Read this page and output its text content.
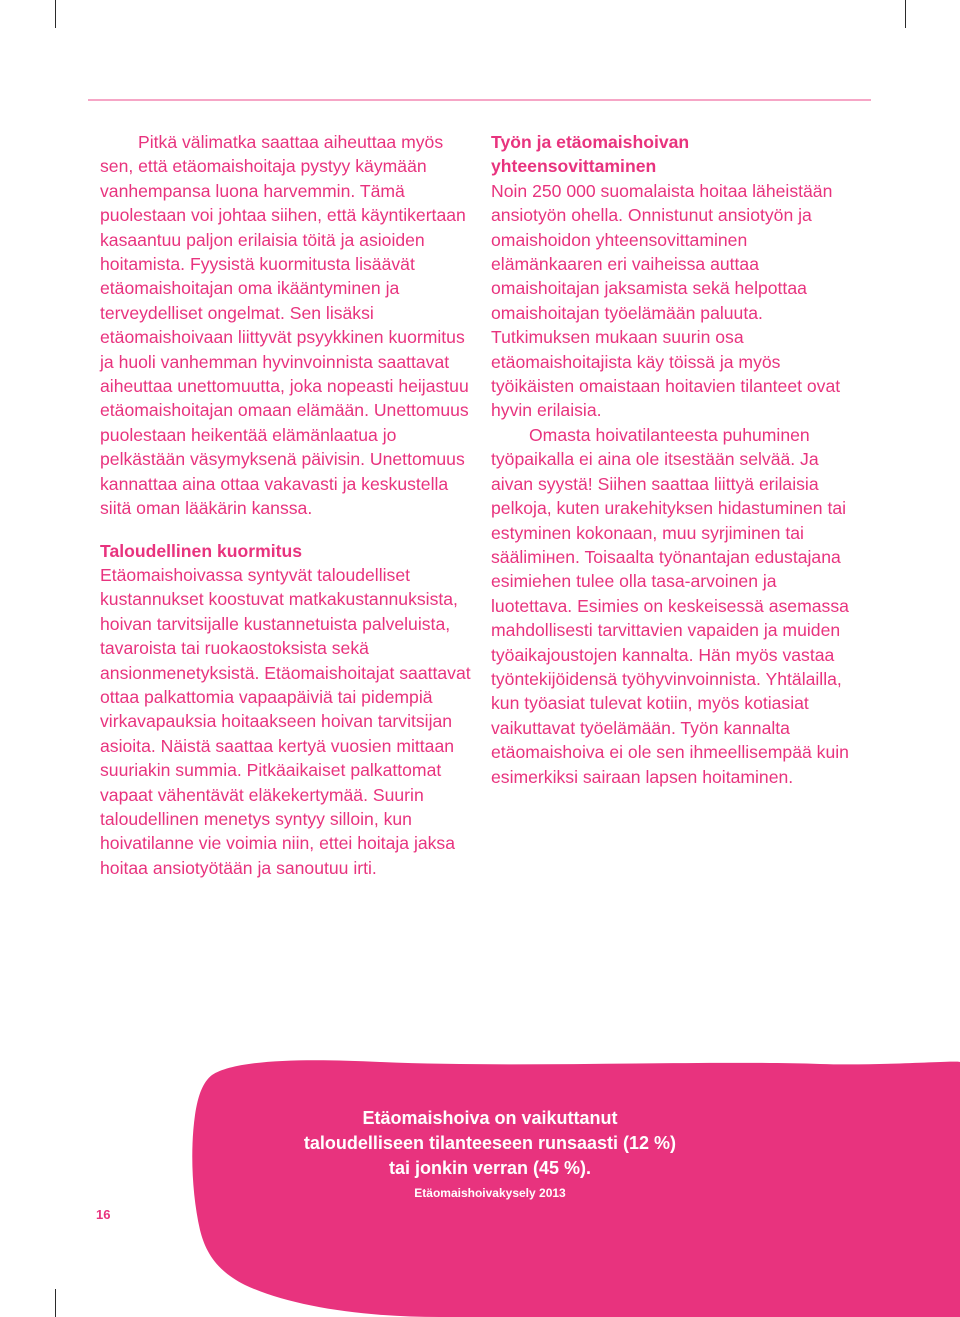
Pitkä välimatka saattaa aiheuttaa myös sen, että etäomaishoitaja pystyy käymään vanhempansa luona harvemmin. Tämä puolestaan voi johtaa siihen, että käyntikertaan kasaantuu paljon erilaisia töitä ja asioiden hoitamista. Fyysistä kuormitusta lisäävät etäomaishoitajan oma ikääntyminen ja terveydelliset ongelmat. Sen lisäksi etäomaishoivaan liittyvät psyykkinen kuormitus ja huoli vanhemman hyvinvoinnista saattavat aiheuttaa unettomuutta, joka nopeasti heijastuu etäomaishoitajan omaan elämään. Unettomuus puolestaan heikentää elämänlaatua jo pelkästään väsymyksenä päivisin. Unettomuus kannattaa aina ottaa vakavasti ja keskustella siitä oman lääkärin kanssa.

Taloudellinen kuormitus

Etäomaishoivassa syntyvät taloudelliset kustannukset koostuvat matkakustannuksista, hoivan tarvitsijalle kustannetuista palveluista, tavaroista tai ruokaostoksista sekä ansionmenetyksistä. Etäomaishoitajat saattavat ottaa palkattomia vapaapäiviä tai pidempiä virkavapauksia hoitaakseen hoivan tarvitsijan asioita. Näistä saattaa kertyä vuosien mittaan suuriakin summia. Pitkäaikaiset palkattomat vapaat vähentävät eläkekertymää. Suurin taloudellinen menetys syntyy silloin, kun hoivatilanne vie voimia niin, ettei hoitaja jaksa hoitaa ansiotyötään ja sanoutuu irti.

Työn ja etäomaishoivan yhteensovittaminen

Noin 250 000 suomalaista hoitaa läheistään ansiotyön ohella. Onnistunut ansiotyön ja omaishoidon yhteensovittaminen elämänkaaren eri vaiheissa auttaa omaishoitajan jaksamista sekä helpottaa omaishoitajan työelämään paluuta. Tutkimuksen mukaan suurin osa etäomaishoitajista käy töissä ja myös työikäisten omaistaan hoitavien tilanteet ovat hyvin erilaisia.

Omasta hoivatilanteesta puhuminen työpaikalla ei aina ole itsestään selvää. Ja aivan syystä! Siihen saattaa liittyä erilaisia pelkoja, kuten urakehityksen hidastuminen tai estyminen kokonaan, muu syrjiminen tai säälimінen. Toisaalta työnantajan edustajana esimiehen tulee olla tasa-arvoinen ja luotettava. Esimies on keskeisessä asemassa mahdollisesti tarvittavien vapaiden ja muiden työaikajoustojen kannalta. Hän myös vastaa työntekijöidensä työhyvinvoinnista. Yhtälailla, kun työasiat tulevat kotiin, myös kotiasiat vaikuttavat työelämään. Työn kannalta etäomaishoiva ei ole sen ihmeellisempää kuin esimerkiksi sairaan lapsen hoitaminen.

Etäomaishoiva on vaikuttanut taloudelliseen tilanteeseen runsaasti (12 %) tai jonkin verran (45 %).
Etäomaishoivakysely 2013
16
